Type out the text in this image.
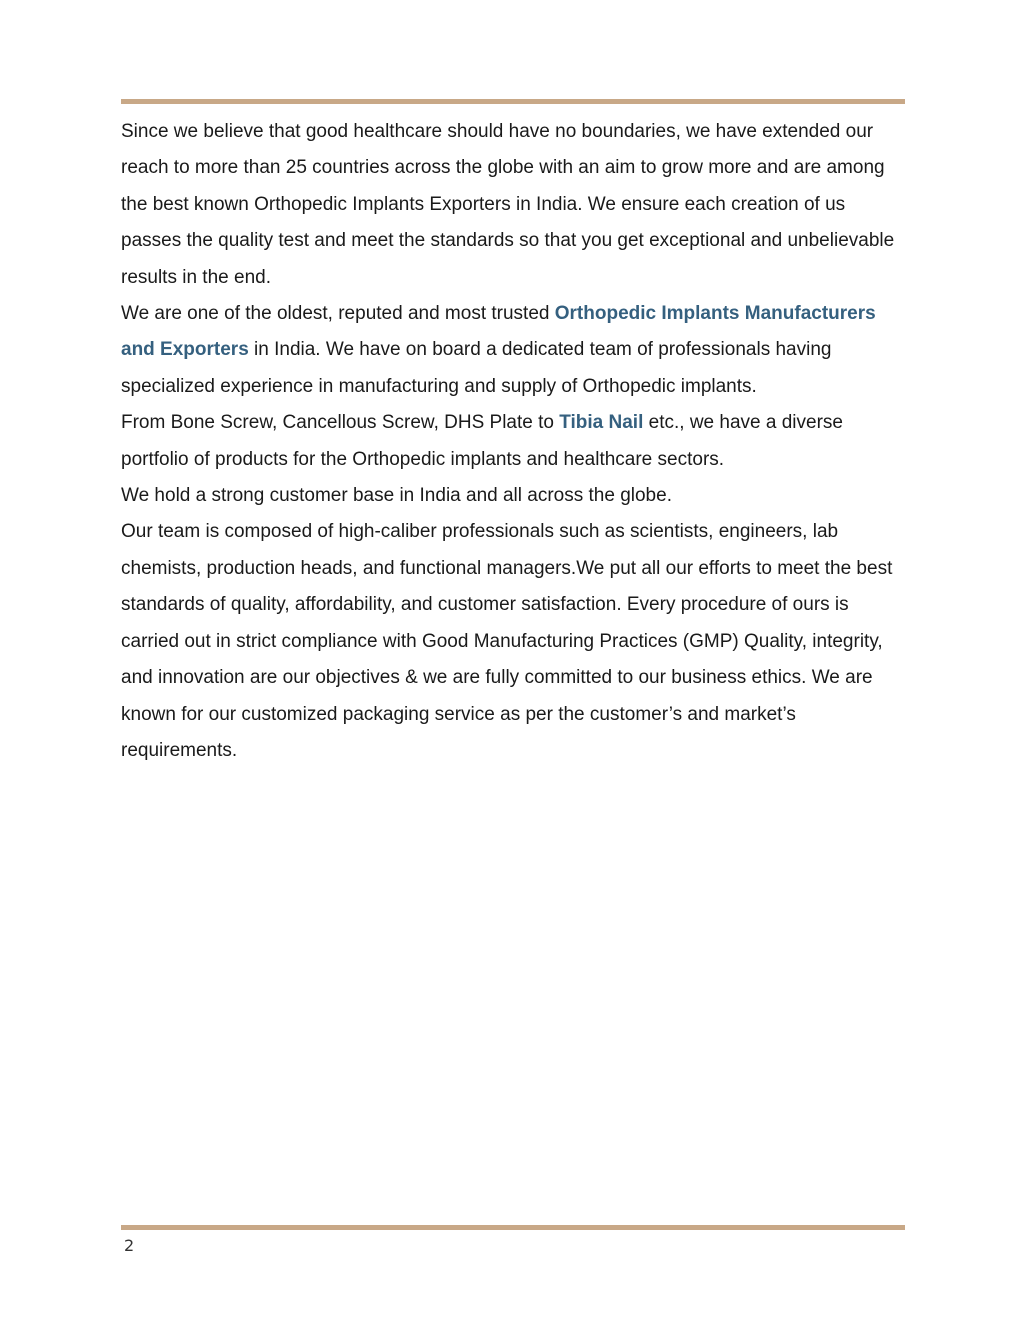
Since we believe that good healthcare should have no boundaries, we have extended our reach to more than 25 countries across the globe with an aim to grow more and are among the best known Orthopedic Implants Exporters in India. We ensure each creation of us passes the quality test and meet the standards so that you get exceptional and unbelievable results in the end.

We are one of the oldest, reputed and most trusted Orthopedic Implants Manufacturers and Exporters in India. We have on board a dedicated team of professionals having specialized experience in manufacturing and supply of Orthopedic implants.

From Bone Screw, Cancellous Screw, DHS Plate to Tibia Nail etc., we have a diverse portfolio of products for the Orthopedic implants and healthcare sectors.

We hold a strong customer base in India and all across the globe.

Our team is composed of high-caliber professionals such as scientists, engineers, lab chemists, production heads, and functional managers.We put all our efforts to meet the best standards of quality, affordability, and customer satisfaction. Every procedure of ours is carried out in strict compliance with Good Manufacturing Practices (GMP) Quality, integrity, and innovation are our objectives & we are fully committed to our business ethics. We are known for our customized packaging service as per the customer’s and market’s requirements.

2
